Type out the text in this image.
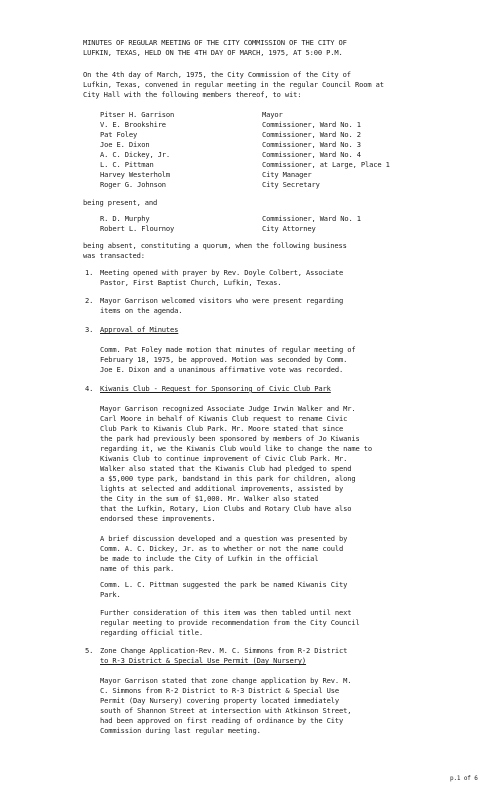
MINUTES OF REGULAR MEETING OF THE CITY COMMISSION OF THE CITY OF
LUFKIN, TEXAS, HELD ON THE 4TH DAY OF MARCH, 1975, AT 5:00 P.M.
On the 4th day of March, 1975, the City Commission of the City of
Lufkin, Texas, convened in regular meeting in the regular Council Room at
City Hall with the following members thereof, to wit:
Pitser H. Garrison	Mayor
V. E. Brookshire	Commissioner, Ward No. 1
Pat Foley	Commissioner, Ward No. 2
Joe E. Dixon	Commissioner, Ward No. 3
A. C. Dickey, Jr.	Commissioner, Ward No. 4
L. C. Pittman	Commissioner, at Large, Place 1
Harvey Westerholm	City Manager
Roger G. Johnson	City Secretary
being present, and
R. D. Murphy	Commissioner, Ward No. 1
Robert L. Flournoy	City Attorney
being absent, constituting a quorum, when the following business
was transacted:
1. Meeting opened with prayer by Rev. Doyle Colbert, Associate
Pastor, First Baptist Church, Lufkin, Texas.
2. Mayor Garrison welcomed visitors who were present regarding
items on the agenda.
3. Approval of Minutes
Comm. Pat Foley made motion that minutes of regular meeting of
February 18, 1975, be approved. Motion was seconded by Comm.
Joe E. Dixon and a unanimous affirmative vote was recorded.
4. Kiwanis Club - Request for Sponsoring of Civic Club Park
Mayor Garrison recognized Associate Judge Irwin Walker and Mr.
Carl Moore in behalf of Kiwanis Club request to rename Civic
Club Park to Kiwanis Club Park. Mr. Moore stated that since
the park had previously been sponsored by members of Jo Kiwanis
regarding it, we the Kiwanis Club would like to change the name to
Kiwanis Club to continue improvement of Civic Club Park. Mr.
Walker also stated that the Kiwanis Club had pledged to spend
a $5,000 type park, bandstand in this park for children, along
lights at selected and additional improvements, assisted by
the City in the sum of $1,000. Mr. Walker also stated
that the Lufkin, Rotary, Lion Clubs and Rotary Club have also
endorsed these improvements.
A brief discussion developed and a question was presented by
Comm. A. C. Dickey, Jr. as to whether or not the name could
be made to include the City of Lufkin in the official
name of this park.
Comm. L. C. Pittman suggested the park be named Kiwanis City
Park.
Further consideration of this item was then tabled until next
regular meeting to provide recommendation from the City Council
regarding official title.
5. Zone Change Application-Rev. M. C. Simmons from R-2 District
to R-3 District & Special Use Permit (Day Nursery)
Mayor Garrison stated that zone change application by Rev. M.
C. Simmons from R-2 District to R-3 District & Special Use
Permit (Day Nursery) covering property located immediately
south of Shannon Street at intersection with Atkinson Street,
had been approved on first reading of ordinance by the City
Commission during last regular meeting.
p.1 of 6
